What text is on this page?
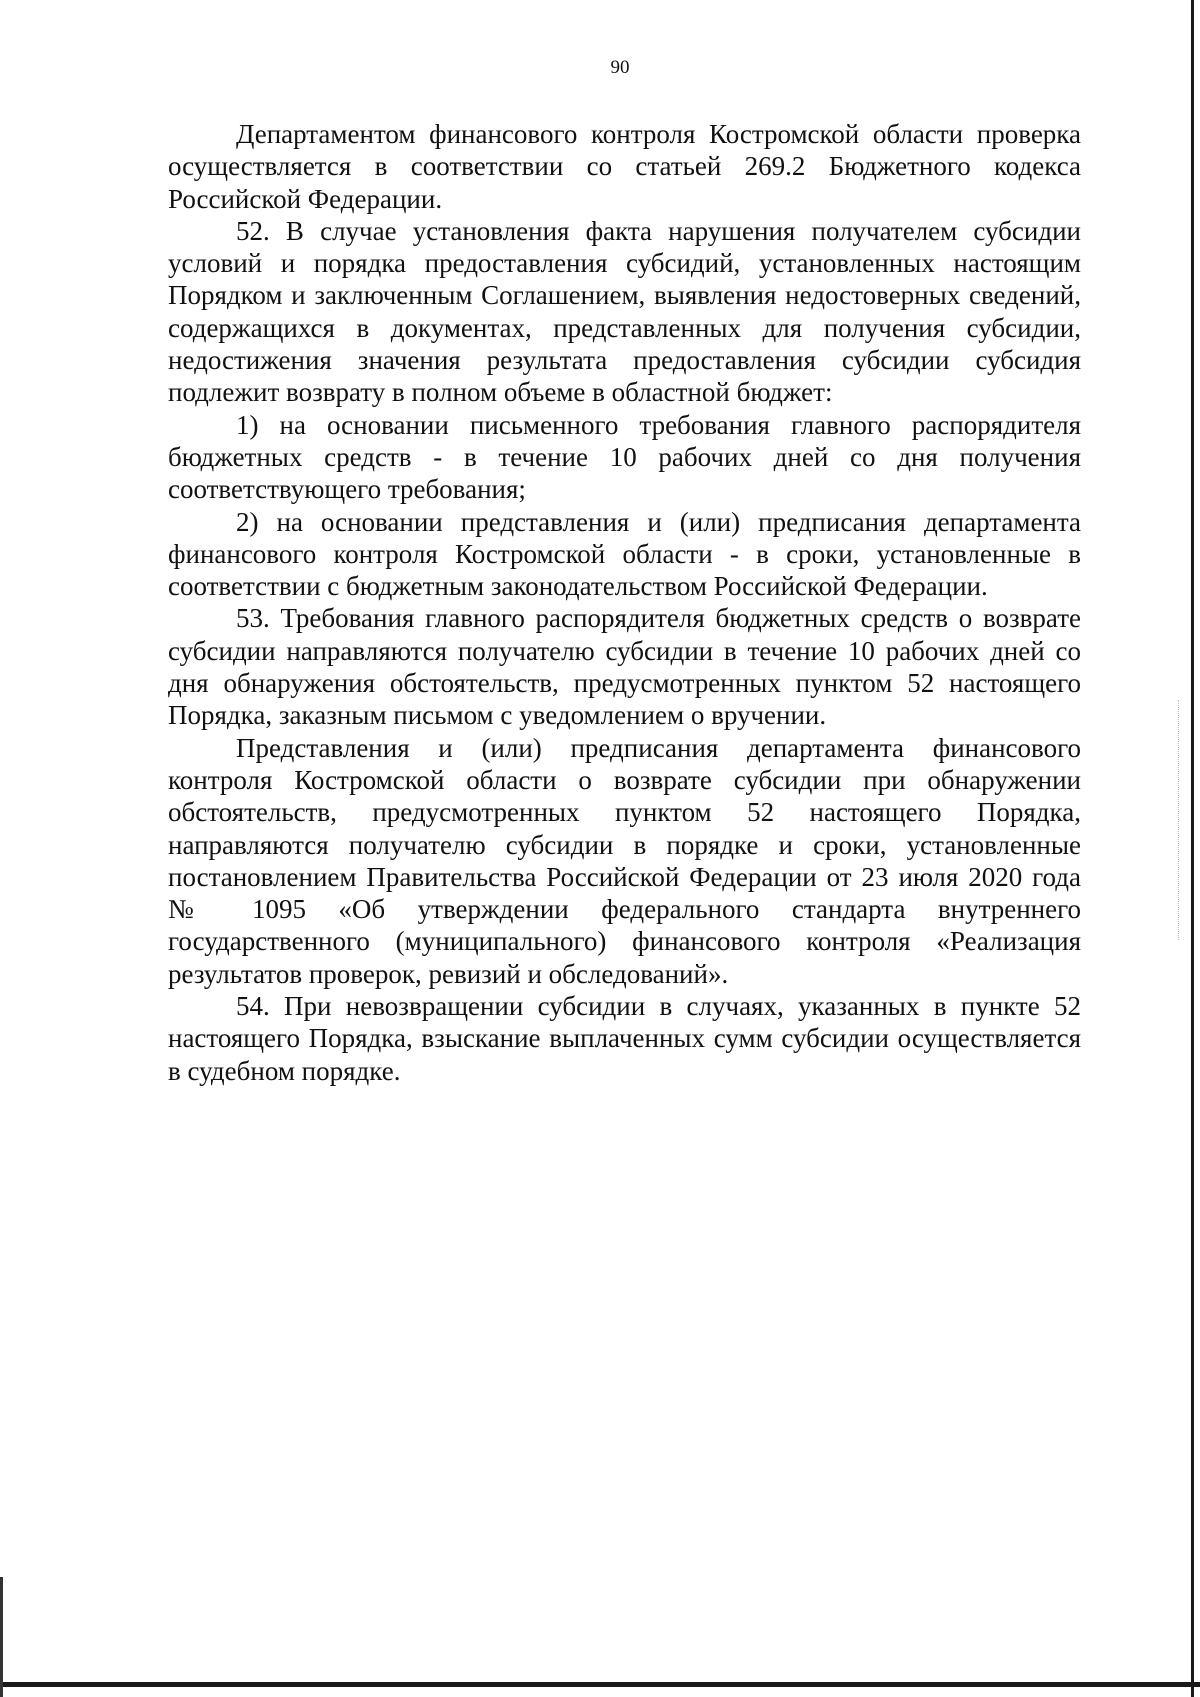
90

Департаментом финансового контроля Костромской области проверка осуществляется в соответствии со статьей 269.2 Бюджетного кодекса Российской Федерации.

52. В случае установления факта нарушения получателем субсидии условий и порядка предоставления субсидий, установленных настоящим Порядком и заключенным Соглашением, выявления недостоверных сведений, содержащихся в документах, представленных для получения субсидии, недостижения значения результата предоставления субсидии субсидия подлежит возврату в полном объеме в областной бюджет:

1) на основании письменного требования главного распорядителя бюджетных средств - в течение 10 рабочих дней со дня получения соответствующего требования;

2) на основании представления и (или) предписания департамента финансового контроля Костромской области - в сроки, установленные в соответствии с бюджетным законодательством Российской Федерации.

53. Требования главного распорядителя бюджетных средств о возврате субсидии направляются получателю субсидии в течение 10 рабочих дней со дня обнаружения обстоятельств, предусмотренных пунктом 52 настоящего Порядка, заказным письмом с уведомлением о вручении.

Представления и (или) предписания департамента финансового контроля Костромской области о возврате субсидии при обнаружении обстоятельств, предусмотренных пунктом 52 настоящего Порядка, направляются получателю субсидии в порядке и сроки, установленные постановлением Правительства Российской Федерации от 23 июля 2020 года № 1095 «Об утверждении федерального стандарта внутреннего государственного (муниципального) финансового контроля «Реализация результатов проверок, ревизий и обследований».

54. При невозвращении субсидии в случаях, указанных в пункте 52 настоящего Порядка, взыскание выплаченных сумм субсидии осуществляется в судебном порядке.
